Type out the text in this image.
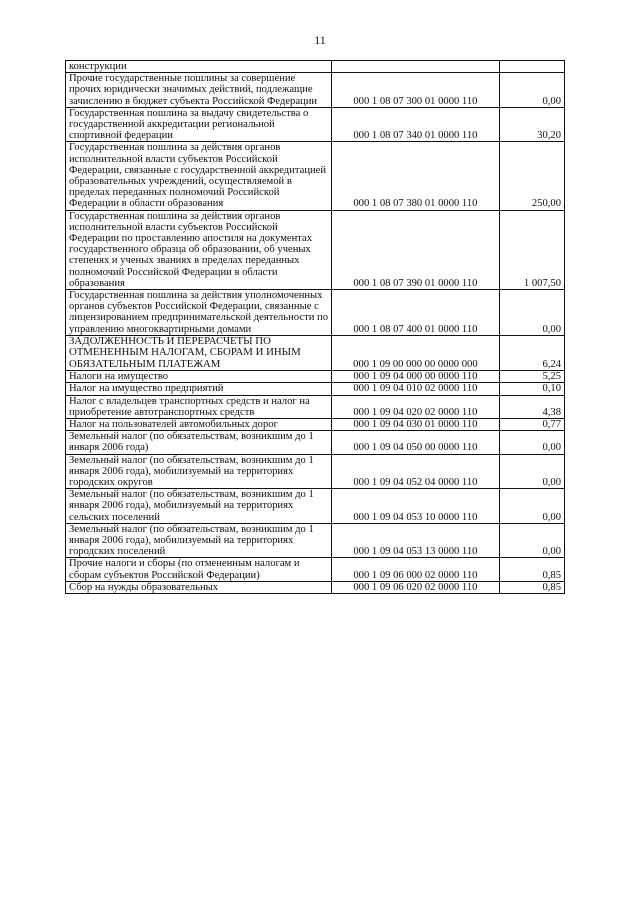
11
конструкции		
Прочие государственные пошлины за совершение прочих юридически значимых действий, подлежащие зачислению в бюджет субъекта Российской Федерации	000 1 08 07 300 01 0000 110	0,00
Государственная пошлина за выдачу свидетельства о государственной аккредитации региональной спортивной федерации	000 1 08 07 340 01 0000 110	30,20
Государственная пошлина за действия органов исполнительной власти субъектов Российской Федерации, связанные с государственной аккредитацией образовательных учреждений, осуществляемой в пределах переданных полномочий Российской Федерации в области образования	000 1 08 07 380 01 0000 110	250,00
Государственная пошлина за действия органов исполнительной власти субъектов Российской Федерации по проставлению апостиля на документах государственного образца об образовании, об ученых степенях и ученых званиях в пределах переданных полномочий Российской Федерации в области образования	000 1 08 07 390 01 0000 110	1 007,50
Государственная пошлина за действия уполномоченных органов субъектов Российской Федерации, связанные с лицензированием предпринимательской деятельности по управлению многоквартирными домами	000 1 08 07 400 01 0000 110	0,00
ЗАДОЛЖЕННОСТЬ И ПЕРЕРАСЧЕТЫ ПО ОТМЕНЕННЫМ НАЛОГАМ, СБОРАМ И ИНЫМ ОБЯЗАТЕЛЬНЫМ ПЛАТЕЖАМ	000 1 09 00 000 00 0000 000	6,24
Налоги на имущество	000 1 09 04 000 00 0000 110	5,25
Налог на имущество предприятий	000 1 09 04 010 02 0000 110	0,10
Налог с владельцев транспортных средств и налог на приобретение автотранспортных средств	000 1 09 04 020 02 0000 110	4,38
Налог на пользователей автомобильных дорог	000 1 09 04 030 01 0000 110	0,77
Земельный налог (по обязательствам, возникшим до 1 января 2006 года)	000 1 09 04 050 00 0000 110	0,00
Земельный налог (по обязательствам, возникшим до 1 января 2006 года), мобилизуемый на территориях городских округов	000 1 09 04 052 04 0000 110	0,00
Земельный налог (по обязательствам, возникшим до 1 января 2006 года), мобилизуемый на территориях сельских поселений	000 1 09 04 053 10 0000 110	0,00
Земельный налог (по обязательствам, возникшим до 1 января 2006 года), мобилизуемый на территориях городских поселений	000 1 09 04 053 13 0000 110	0,00
Прочие налоги и сборы (по отмененным налогам и сборам субъектов Российской Федерации)	000 1 09 06 000 02 0000 110	0,85
Сбор на нужды образовательных	000 1 09 06 020 02 0000 110	0,85
